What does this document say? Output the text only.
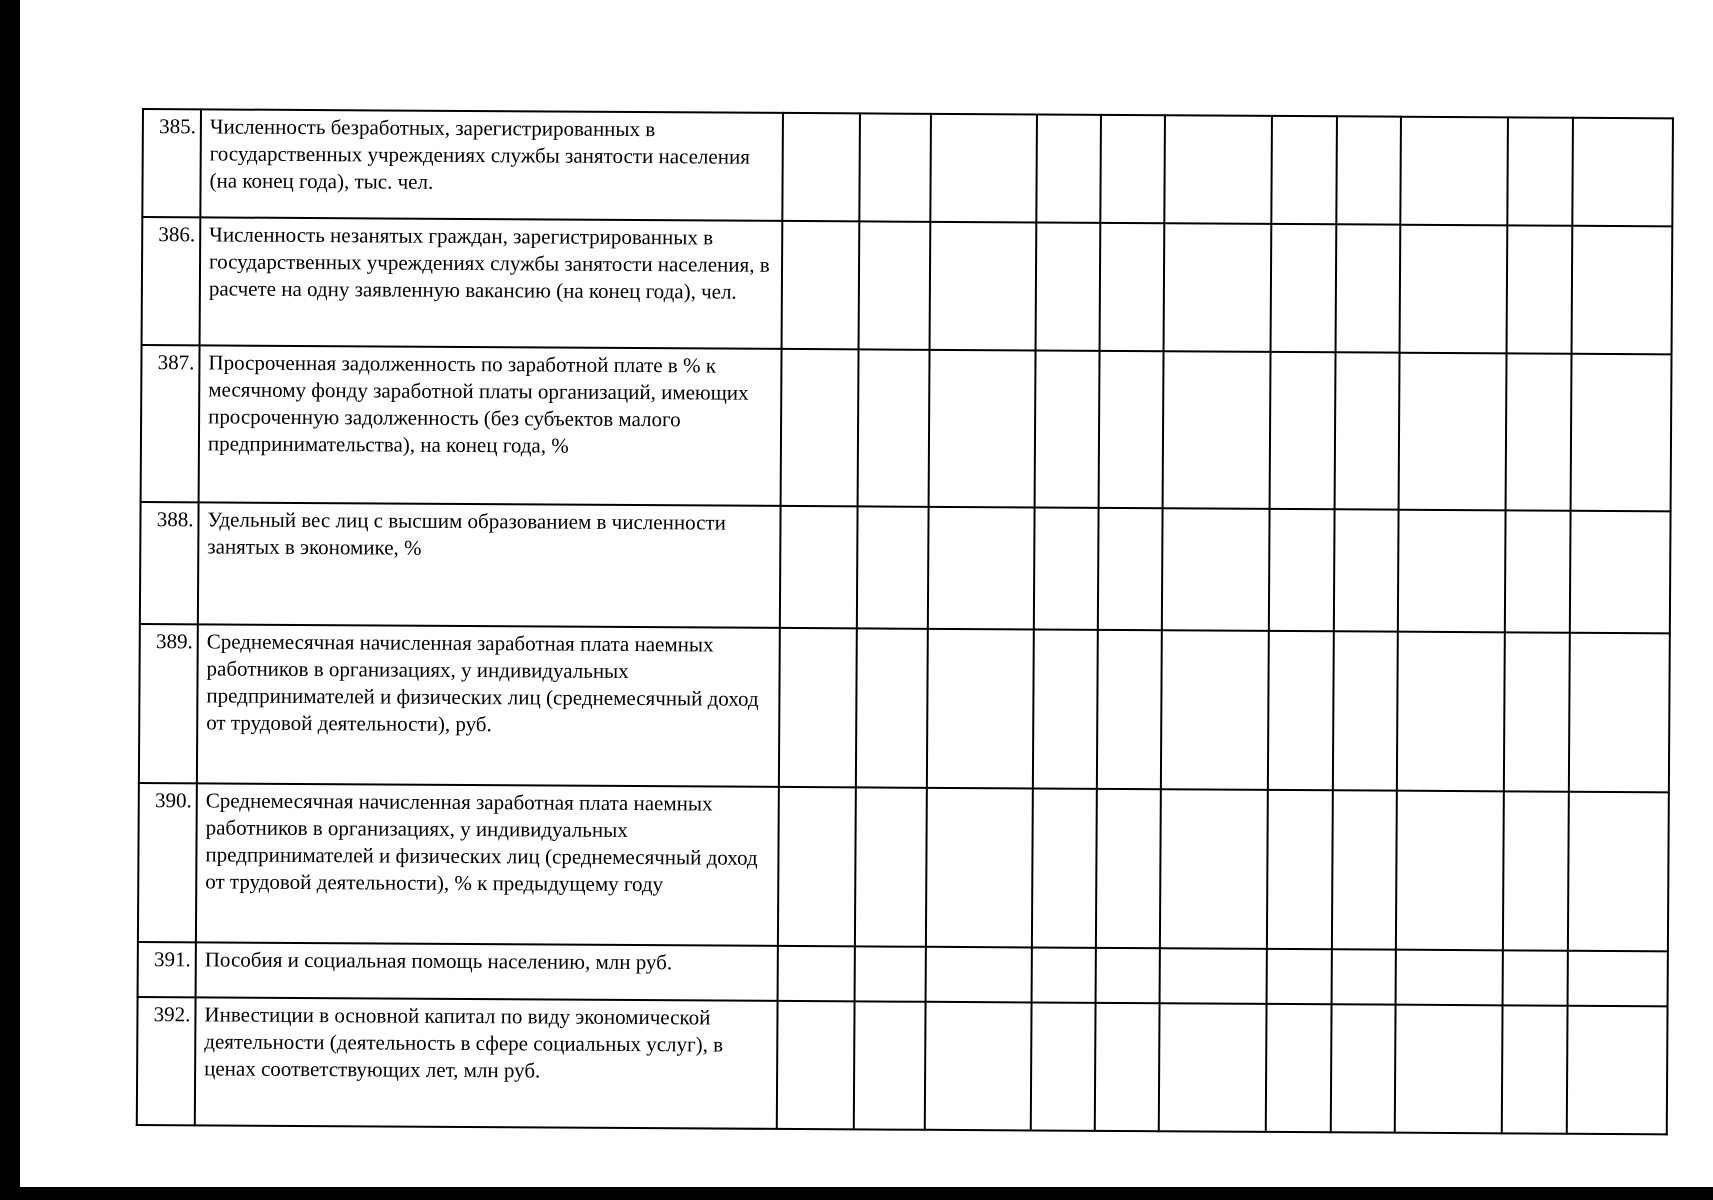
385.	Численность безработных, зарегистрированных в государственных учреждениях службы занятости населения (на конец года), тыс. чел.											
386.	Численность незанятых граждан, зарегистрированных в государственных учреждениях службы занятости населения, в расчете на одну заявленную вакансию (на конец года), чел.											
387.	Просроченная задолженность по заработной плате в % к месячному фонду заработной платы организаций, имеющих просроченную задолженность (без субъектов малого предпринимательства), на конец года, %											
388.	Удельный вес лиц с высшим образованием в численности занятых в экономике, %											
389.	Среднемесячная начисленная заработная плата наемных работников в организациях, у индивидуальных предпринимателей и физических лиц (среднемесячный доход от трудовой деятельности), руб.											
390.	Среднемесячная начисленная заработная плата наемных работников в организациях, у индивидуальных предпринимателей и физических лиц (среднемесячный доход от трудовой деятельности), % к предыдущему году											
391.	Пособия и социальная помощь населению, млн руб.											
392.	Инвестиции в основной капитал по виду экономической деятельности (деятельность в сфере социальных услуг), в ценах соответствующих лет, млн руб.											
